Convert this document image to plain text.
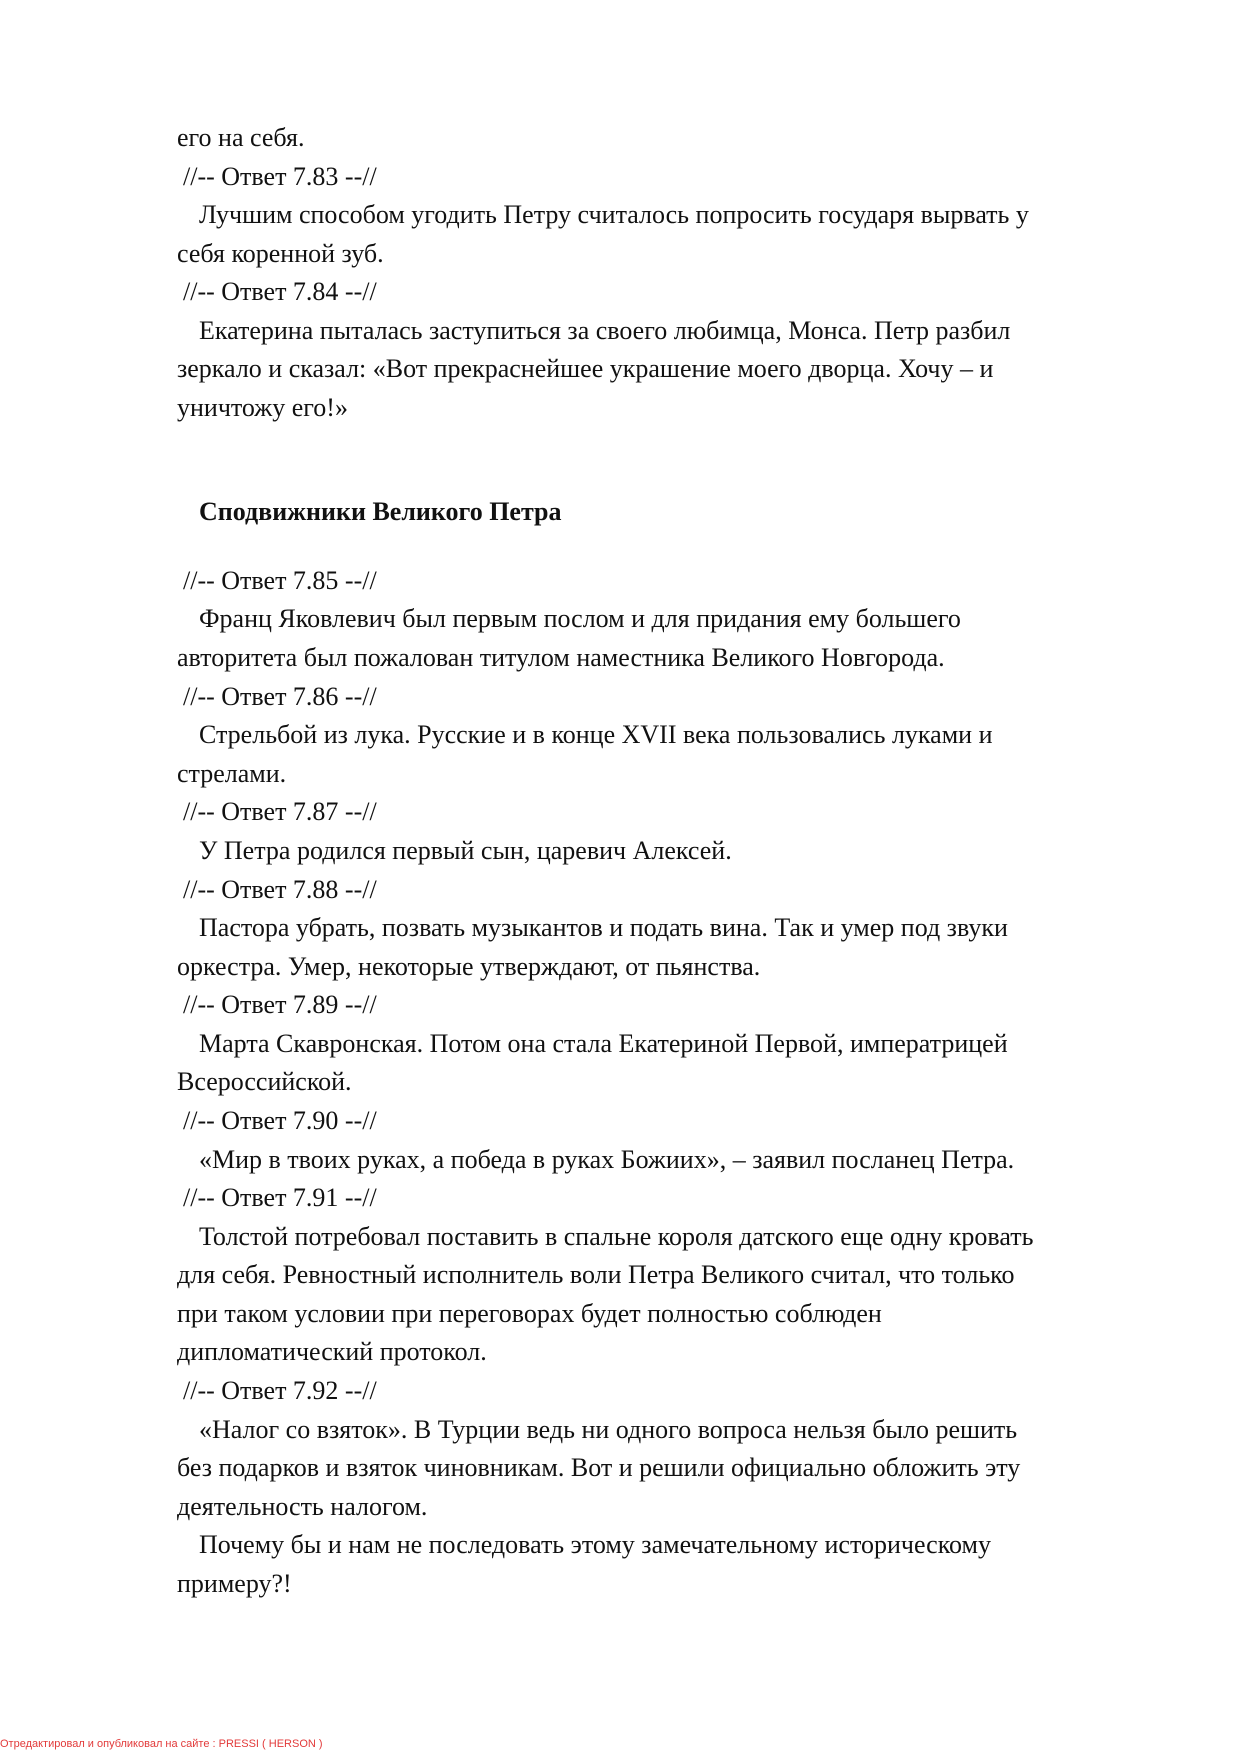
его на себя.
//-- Ответ 7.83 --//
Лучшим способом угодить Петру считалось попросить государя вырвать у
себя коренной зуб.
//-- Ответ 7.84 --//
Екатерина пыталась заступиться за своего любимца, Монса. Петр разбил
зеркало и сказал: «Вот прекраснейшее украшение моего дворца. Хочу – и
уничтожу его!»
Сподвижники Великого Петра
//-- Ответ 7.85 --//
Франц Яковлевич был первым послом и для придания ему большего
авторитета был пожалован титулом наместника Великого Новгорода.
//-- Ответ 7.86 --//
Стрельбой из лука. Русские и в конце XVII века пользовались луками и
стрелами.
//-- Ответ 7.87 --//
У Петра родился первый сын, царевич Алексей.
//-- Ответ 7.88 --//
Пастора убрать, позвать музыкантов и подать вина. Так и умер под звуки
оркестра. Умер, некоторые утверждают, от пьянства.
//-- Ответ 7.89 --//
Марта Скавронская. Потом она стала Екатериной Первой, императрицей
Всероссийской.
//-- Ответ 7.90 --//
«Мир в твоих руках, а победа в руках Божиих», – заявил посланец Петра.
//-- Ответ 7.91 --//
Толстой потребовал поставить в спальне короля датского еще одну кровать
для себя. Ревностный исполнитель воли Петра Великого считал, что только
при таком условии при переговорах будет полностью соблюден
дипломатический протокол.
//-- Ответ 7.92 --//
«Налог со взяток». В Турции ведь ни одного вопроса нельзя было решить
без подарков и взяток чиновникам. Вот и решили официально обложить эту
деятельность налогом.
Почему бы и нам не последовать этому замечательному историческому
примеру?!
Отредактировал и опубликовал на сайте : PRESSI ( HERSON )
